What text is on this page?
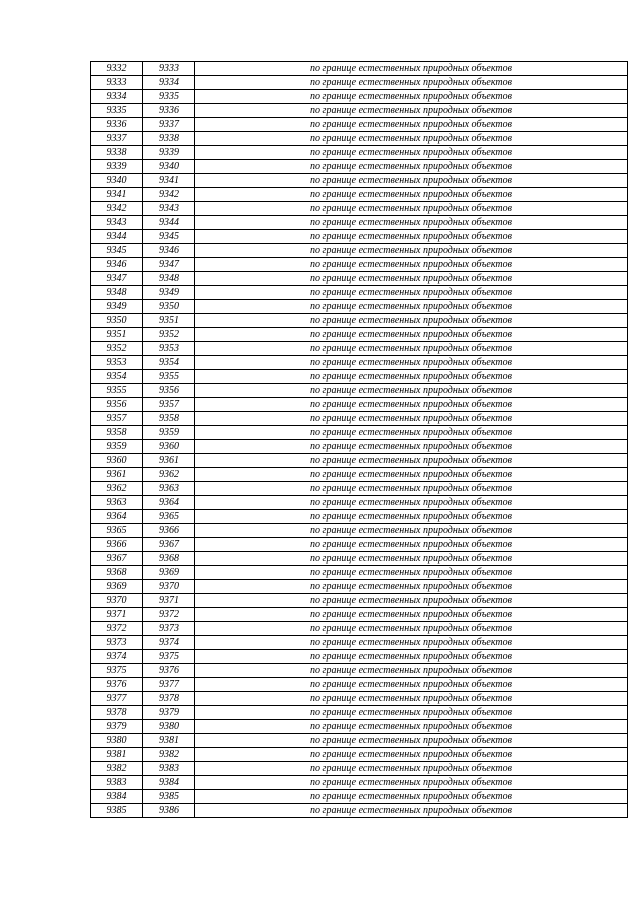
9332	9333	по границе естественных природных объектов
9333	9334	по границе естественных природных объектов
9334	9335	по границе естественных природных объектов
9335	9336	по границе естественных природных объектов
9336	9337	по границе естественных природных объектов
9337	9338	по границе естественных природных объектов
9338	9339	по границе естественных природных объектов
9339	9340	по границе естественных природных объектов
9340	9341	по границе естественных природных объектов
9341	9342	по границе естественных природных объектов
9342	9343	по границе естественных природных объектов
9343	9344	по границе естественных природных объектов
9344	9345	по границе естественных природных объектов
9345	9346	по границе естественных природных объектов
9346	9347	по границе естественных природных объектов
9347	9348	по границе естественных природных объектов
9348	9349	по границе естественных природных объектов
9349	9350	по границе естественных природных объектов
9350	9351	по границе естественных природных объектов
9351	9352	по границе естественных природных объектов
9352	9353	по границе естественных природных объектов
9353	9354	по границе естественных природных объектов
9354	9355	по границе естественных природных объектов
9355	9356	по границе естественных природных объектов
9356	9357	по границе естественных природных объектов
9357	9358	по границе естественных природных объектов
9358	9359	по границе естественных природных объектов
9359	9360	по границе естественных природных объектов
9360	9361	по границе естественных природных объектов
9361	9362	по границе естественных природных объектов
9362	9363	по границе естественных природных объектов
9363	9364	по границе естественных природных объектов
9364	9365	по границе естественных природных объектов
9365	9366	по границе естественных природных объектов
9366	9367	по границе естественных природных объектов
9367	9368	по границе естественных природных объектов
9368	9369	по границе естественных природных объектов
9369	9370	по границе естественных природных объектов
9370	9371	по границе естественных природных объектов
9371	9372	по границе естественных природных объектов
9372	9373	по границе естественных природных объектов
9373	9374	по границе естественных природных объектов
9374	9375	по границе естественных природных объектов
9375	9376	по границе естественных природных объектов
9376	9377	по границе естественных природных объектов
9377	9378	по границе естественных природных объектов
9378	9379	по границе естественных природных объектов
9379	9380	по границе естественных природных объектов
9380	9381	по границе естественных природных объектов
9381	9382	по границе естественных природных объектов
9382	9383	по границе естественных природных объектов
9383	9384	по границе естественных природных объектов
9384	9385	по границе естественных природных объектов
9385	9386	по границе естественных природных объектов
